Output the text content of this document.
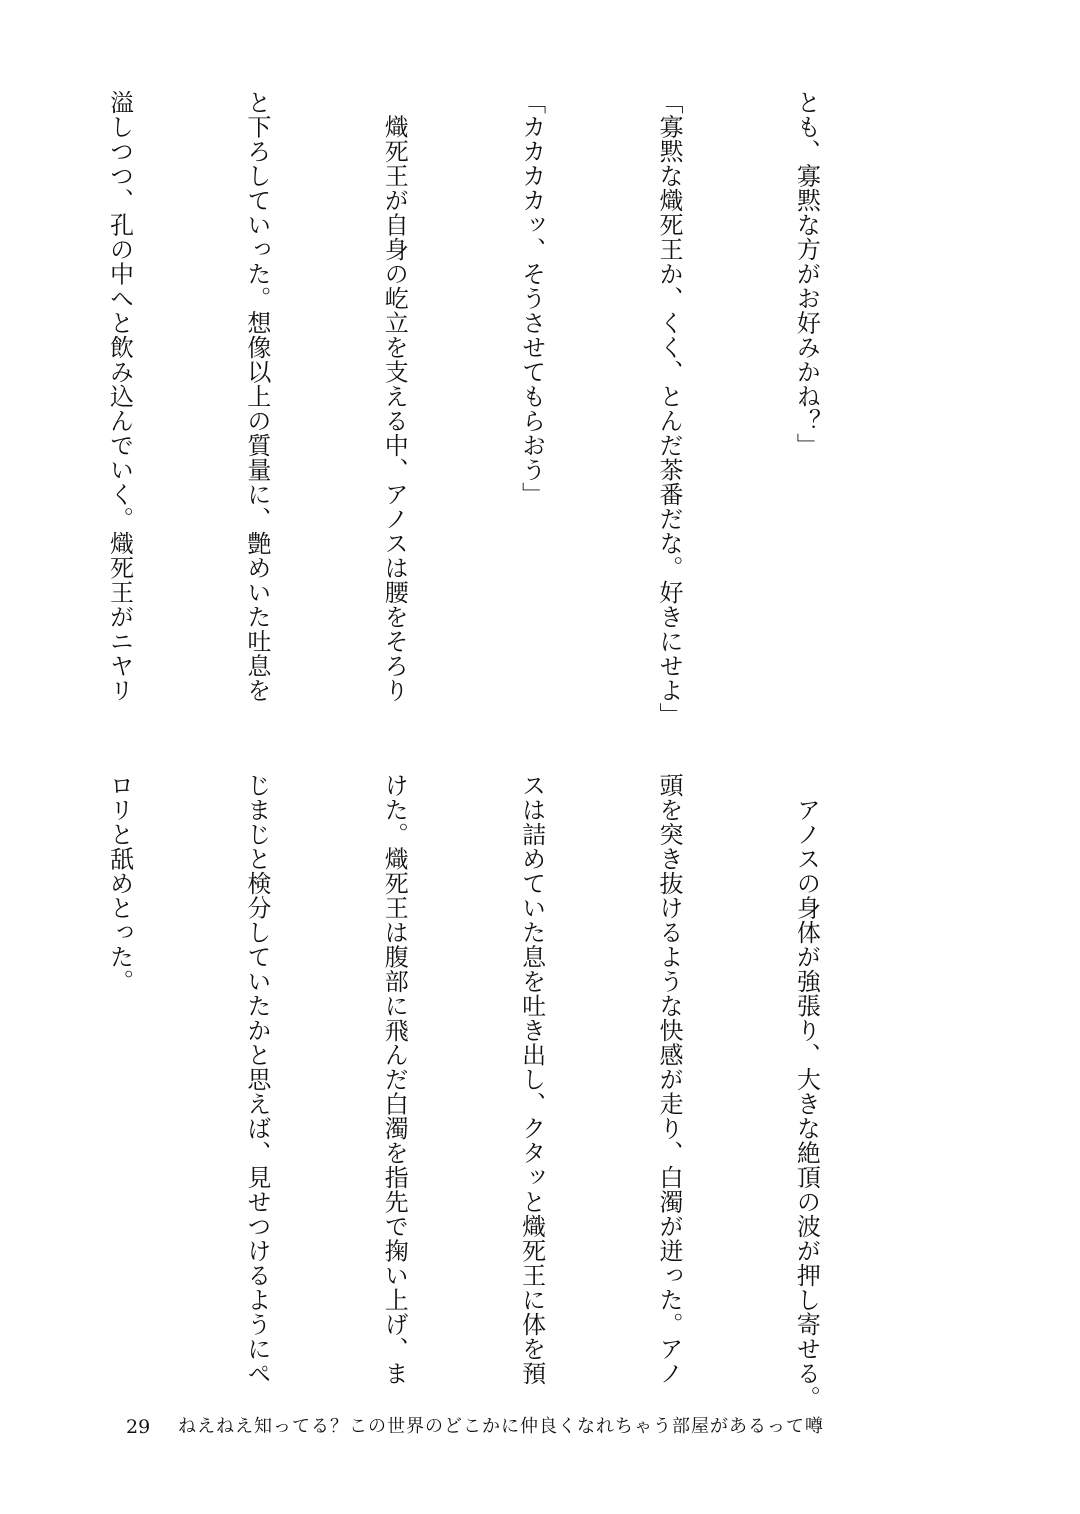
とも、寡黙な方がお好みかね？」

「寡黙な熾死王か、くく、とんだ茶番だな。好きにせよ」

「カカカカッ、そうさせてもらおう」

　熾死王が自身の屹立を支える中、アノスは腰をそろり

と下ろしていった。想像以上の質量に、艶めいた吐息を

溢しつつ、孔の中へと飲み込んでいく。熾死王がニヤリ

　アノスの身体が強張り、大きな絶頂の波が押し寄せる。

頭を突き抜けるような快感が走り、白濁が迸った。アノ

スは詰めていた息を吐き出し、クタッと熾死王に体を預

けた。熾死王は腹部に飛んだ白濁を指先で掬い上げ、ま

じまじと検分していたかと思えば、見せつけるようにペ

ロリと舐めとった。

29 ねえねえ知ってる？この世界のどこかに仲良くなれちゃう部屋があるって噂
